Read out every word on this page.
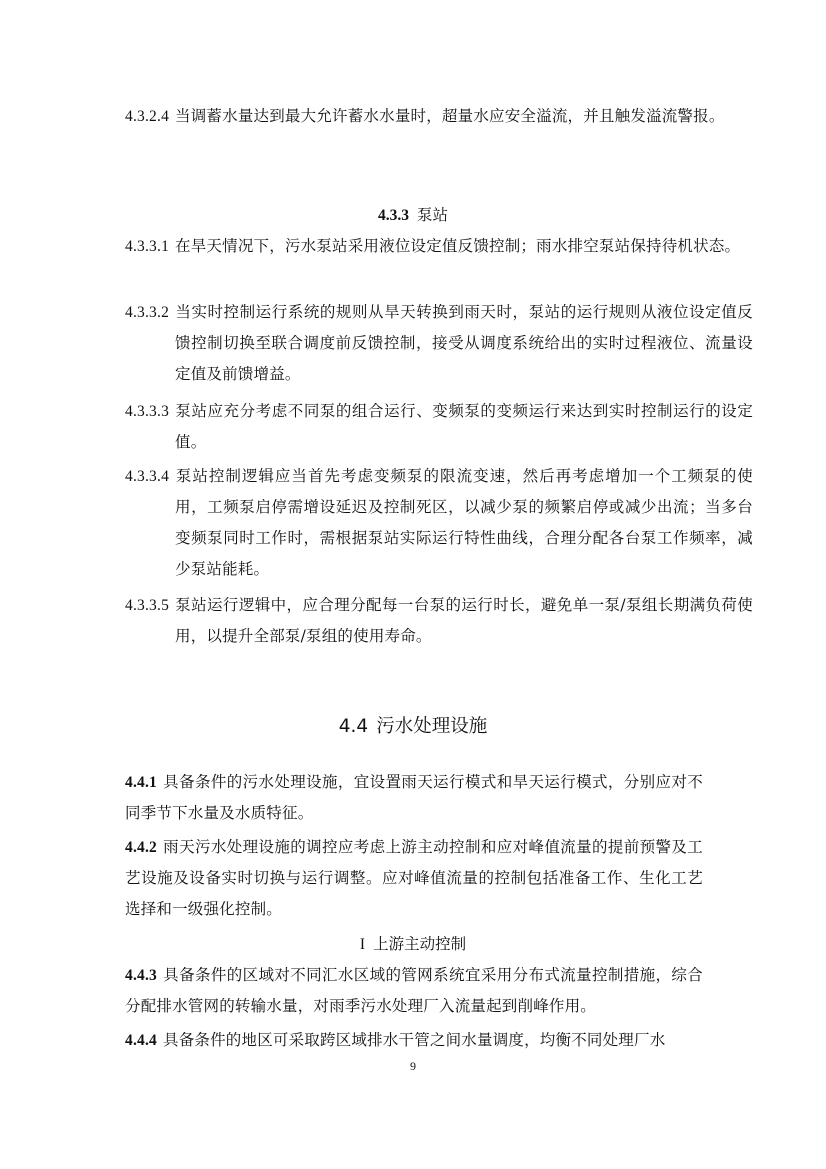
4.3.2.4 当调蓄水量达到最大允许蓄水水量时，超量水应安全溢流，并且触发溢流警报。
4.3.3 泵站
4.3.3.1 在旱天情况下，污水泵站采用液位设定值反馈控制；雨水排空泵站保持待机状态。
4.3.3.2 当实时控制运行系统的规则从旱天转换到雨天时，泵站的运行规则从液位设定值反馈控制切换至联合调度前反馈控制，接受从调度系统给出的实时过程液位、流量设定值及前馈增益。
4.3.3.3 泵站应充分考虑不同泵的组合运行、变频泵的变频运行来达到实时控制运行的设定值。
4.3.3.4 泵站控制逻辑应当首先考虑变频泵的限流变速，然后再考虑增加一个工频泵的使用，工频泵启停需增设延迟及控制死区，以减少泵的频繁启停或减少出流；当多台变频泵同时工作时，需根据泵站实际运行特性曲线，合理分配各台泵工作频率，减少泵站能耗。
4.3.3.5 泵站运行逻辑中，应合理分配每一台泵的运行时长，避免单一泵/泵组长期满负荷使用，以提升全部泵/泵组的使用寿命。
4.4 污水处理设施
4.4.1 具备条件的污水处理设施，宜设置雨天运行模式和旱天运行模式，分别应对不同季节下水量及水质特征。
4.4.2 雨天污水处理设施的调控应考虑上游主动控制和应对峰值流量的提前预警及工艺设施及设备实时切换与运行调整。应对峰值流量的控制包括准备工作、生化工艺选择和一级强化控制。
I 上游主动控制
4.4.3 具备条件的区域对不同汇水区域的管网系统宜采用分布式流量控制措施，综合分配排水管网的转输水量，对雨季污水处理厂入流量起到削峰作用。
4.4.4 具备条件的地区可采取跨区域排水干管之间水量调度，均衡不同处理厂水
9
